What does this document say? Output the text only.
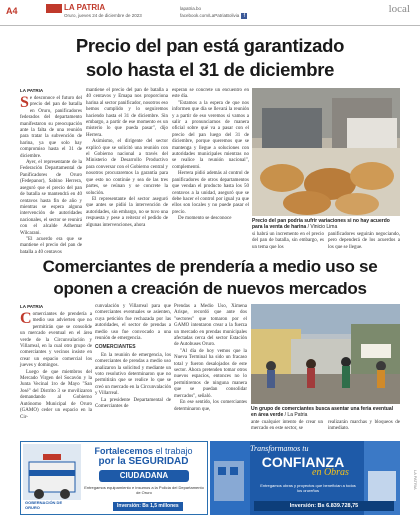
A4	LA PATRIA
Oruro, jueves 24 de diciembre de 2023
lapatria.bo
facebook.com/LaPatriaBolivia f
local
Precio del pan está garantizado
solo hasta el 31 de diciembre
LA PATRIA

Se desconoce el futuro del precio del pan de batalla en Oruro, panificadores federados del departamento manifestaron su preocupación ante la falta de una reunión para tratar la subvención de harina, ya que solo hay compromiso hasta el 31 de diciembre.

Ayer, el representante de la Federación Departamental de Panificadores de Oruro (Fedepanor), Sabino Herrera, aseguró que el precio del pan de batalla se mantendrá en 40 centavos hasta fin de año y mientras se espera alguna intervención de autoridades nacionales, el sector se reunirá con el alcalde Adhemar Wilcarani.

"El acuerdo era que se mantiene el precio del pan de batalla a 40 centavos

mantiene el precio del pan de batalla a 40 centavos y Emapa nos proporciona harina al sector panificador, nosotros eso hemos cumplido y lo seguiremos haciendo hasta el 31 de diciembre. Sin embargo, a partir de ese momento es un misterio lo que pueda pasar", dijo Herrera.

Asimismo, el dirigente del sector explicó que se solicitó una reunión con el Gobierno nacional a través del Ministerio de Desarrollo Productivo para conversar con el Gobierno central y nosotros procuraremos la garantía para que esto no continúe y sea de las tres partes, se reúnan y se concrete la solución.

El representante del sector aseguró que antes se pidió la intervención de autoridades, sin embargo, no se tuvo una respuesta y pese a reiterar el pedido de algunas intervenciones, ahora

esperan se concrete un encuentro en este día.

"Estamos a la espera de que nos informen que día se llevará la reunión y a partir de eso veremos si vamos a salir a pronunciarnos de manera oficial sobre qué va a pasar con el precio del pan luego del 31 de diciembre, porque queremos que se mantenga y llegue a soluciones con autoridades municipales mientras no se realice la reunión nacional", complementó.

Herrera pidió además al control de panificadores de otros departamentos que vendan el producto hasta los 50 centavos a la unidad, aseguró que se debe hacer el control por igual ya que ellos son locales y no puede pasar el precio.

De momento se desconoce	Precio del pan podría sufrir variaciones si no hay acuerdo para la venta de harina / Vinicio Lima

si habrá un incremento en el precio del pan de batalla, sin embargo, es un tema que los

panificadores seguirán negociando, pero dependerá de los acuerdos a los que se llegue.

Comerciantes de prendería a medio uso se
oponen a creación de nuevos mercados
LA PATRIA

Comerciantes de prendería a medio uso advierten que no permitirán que se consolide un mercado eventual en el área verde de la Circunvalación y Villarreal, en la cual otro grupo de comerciantes y vecinos insiste en crear un espacio comercial los jueves y domingos.

Luego de que miembros del Mercado Virgen del Socavón y la Junta Vecinal 1ro de Mayo "San José" del Distrito 3 se movilizaron demandando al Gobierno Autónomo Municipal de Oruro (GAMO) ceder un espacio en la Cir-

cunvalación y Villarreal para que comerciantes eventuales se asienten, cuya petición fue rechazada por las autoridades, el sector de prendas a medio uso fue convocado a una reunión de emergencia.

COMERCIANTES

En la reunión de emergencia, los comerciantes de prendas a medio uso analizaron la solicitud y mediante un voto resolutivo determinaron que no permitirán que se realice lo que se creó un mercado en la Circunvalación y Villarreal.

La presidente Departamental de Comerciantes de

Prendas a Medio Uso, Ximena Arispe, recordó que ante dos "sectores" que tomaron por el GAMO intentaron crear a la fuerza un mercado en prendas municipales afectadas cerca del sector Estación de Autobuses Oruro.

"Al día de hoy vemos que la Nueva Terminal ha sido un fracaso total y fueron desalojados de este sector. Ahora pretenden tomar otros nuevos espacios, entonces no lo permitiremos de ninguna manera que se puedan consolidar mercados", señaló.

En ese sentido, los comerciantes determinaron que,	Un grupo de comerciantes busca asentar una feria eventual en área verde / La Patria

ante cualquier intento de crear un mercado en este sector, se

realizarán marchas y bloqueos de inmediato.

Fortalecemos el trabajo
por la SEGURIDAD
CIUDADANA
Entregamos equipamiento e insumos a la Policía del Departamento de Oruro
Inversión: Bs 1,5 millones
GOBERNACIÓN DE ORURO
Transformamos tu
CONFIANZA
en Obras
Entregamos obras y proyectos que benefician a todos los orureños
Inversión: Bs 6.839.728,75
LA PATRIA
